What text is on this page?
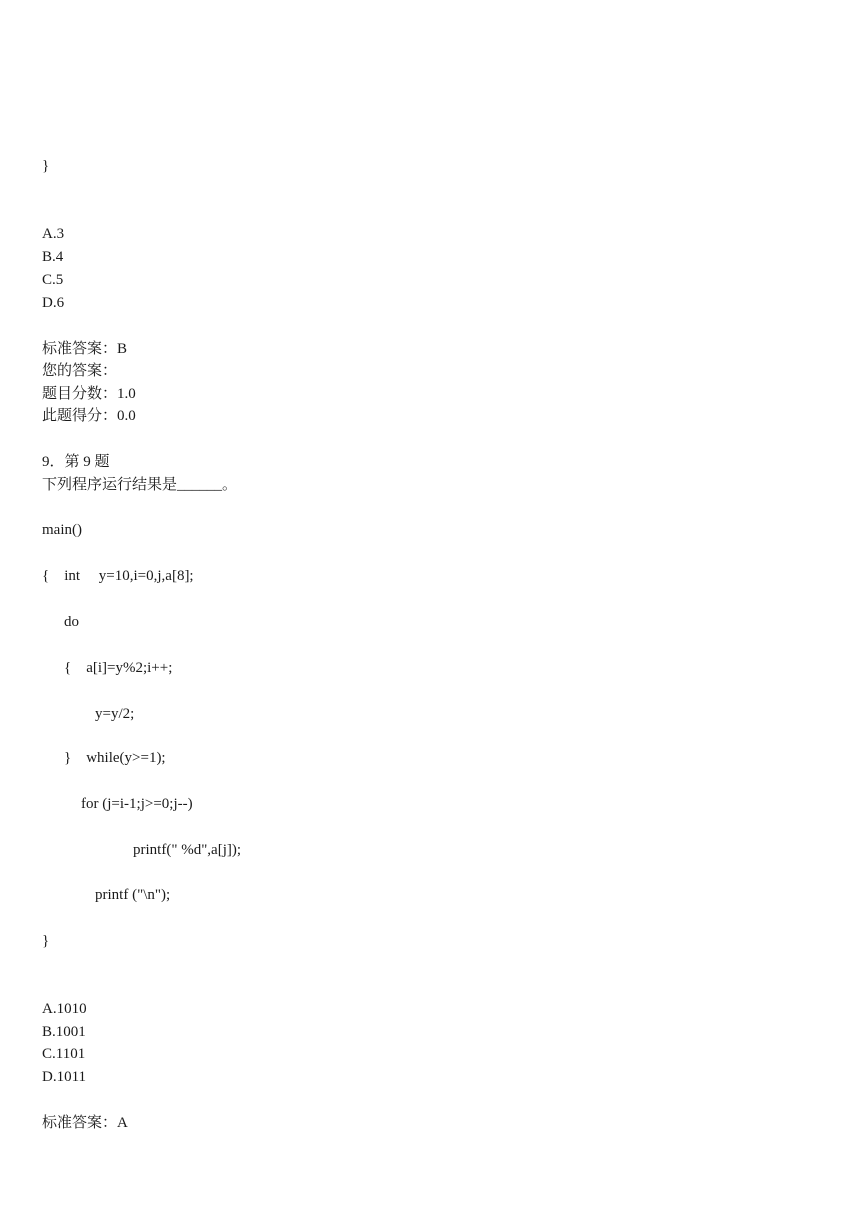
}
A.3
B.4
C.5
D.6
标准答案：B
您的答案：
题目分数：1.0
此题得分：0.0
9．第 9 题
下列程序运行结果是______。
main()
{    int     y=10,i=0,j,a[8];
do
{    a[i]=y%2;i++;
y=y/2;
}    while(y>=1);
for (j=i-1;j>=0;j--)
printf(" %d",a[j]);
printf ("\n");
}
A.1010
B.1001
C.1101
D.1011
标准答案：A
